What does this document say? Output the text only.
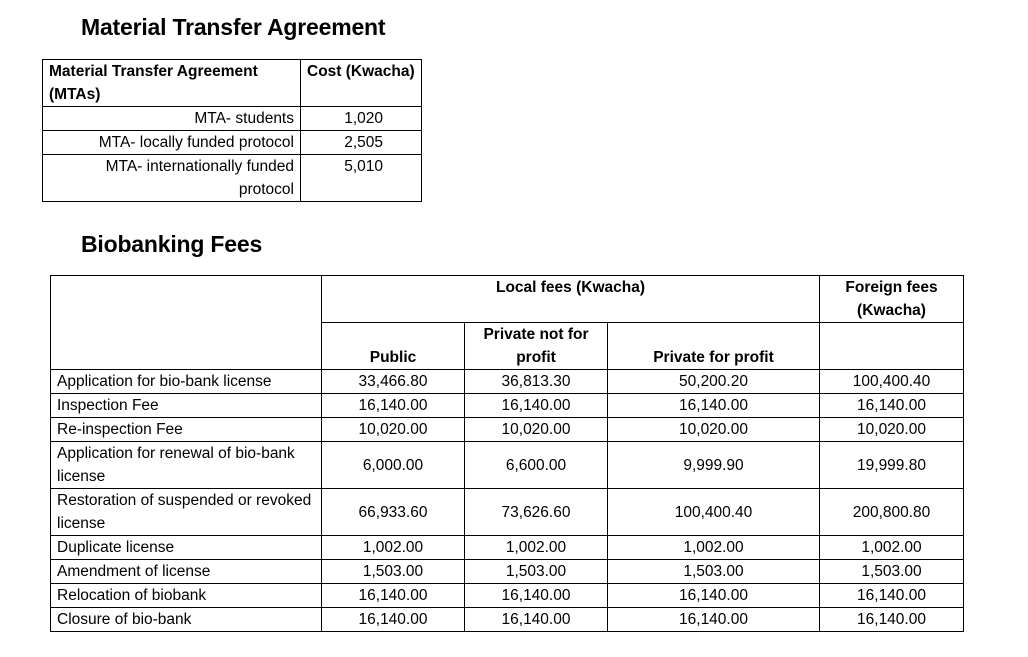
Material Transfer Agreement
Material Transfer Agreement (MTAs)	Cost (Kwacha)
MTA- students	1,020
MTA- locally funded protocol	2,505
MTA- internationally funded protocol	5,010
Biobanking Fees
	Local fees (Kwacha)			Foreign fees (Kwacha)
	Public	Private not for profit	Private for profit	
Application for bio-bank license	33,466.80	36,813.30	50,200.20	100,400.40
Inspection Fee	16,140.00	16,140.00	16,140.00	16,140.00
Re-inspection Fee	10,020.00	10,020.00	10,020.00	10,020.00
Application for renewal of bio-bank license	6,000.00	6,600.00	9,999.90	19,999.80
Restoration of suspended or revoked license	66,933.60	73,626.60	100,400.40	200,800.80
Duplicate license	1,002.00	1,002.00	1,002.00	1,002.00
Amendment of license	1,503.00	1,503.00	1,503.00	1,503.00
Relocation of biobank	16,140.00	16,140.00	16,140.00	16,140.00
Closure of bio-bank	16,140.00	16,140.00	16,140.00	16,140.00
